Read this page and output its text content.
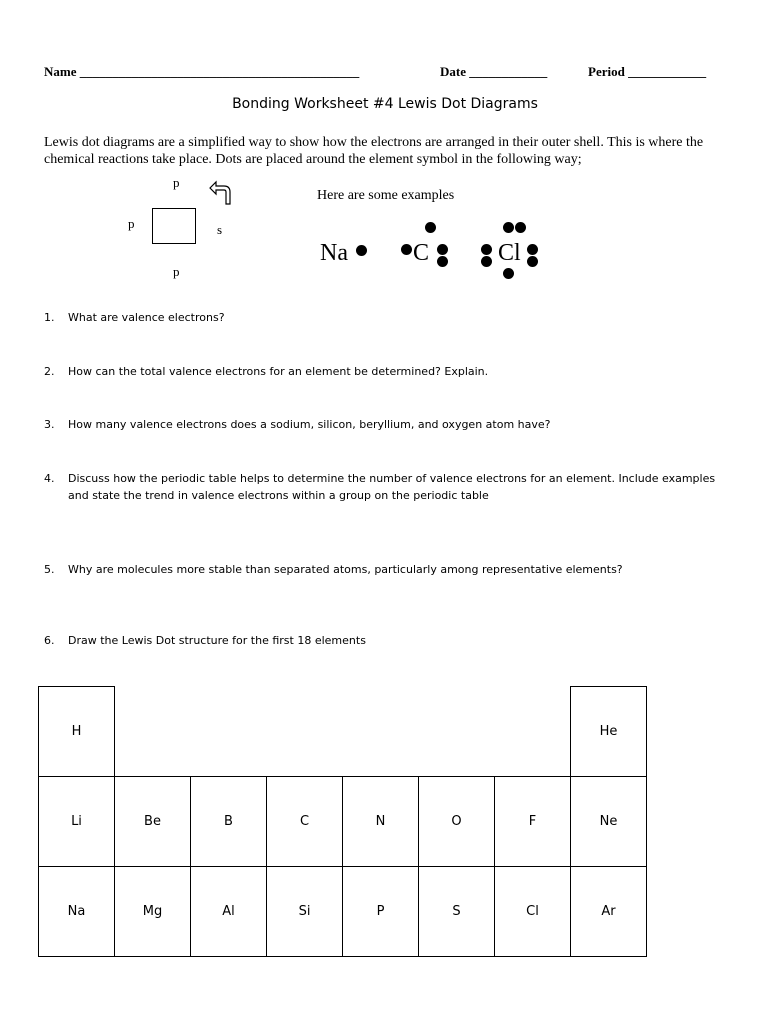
Name ___________________________________________	Date ____________	Period ____________
Bonding Worksheet #4 Lewis Dot Diagrams
Lewis dot diagrams are a simplified way to show how the electrons are arranged in their outer shell. This is where the chemical reactions take place. Dots are placed around the element symbol in the following way;
p
p	s
p
Here are some examples
Na	C	Cl
1. What are valence electrons?
2. How can the total valence electrons for an element be determined? Explain.
3. How many valence electrons does a sodium, silicon, beryllium, and oxygen atom have?
4. Discuss how the periodic table helps to determine the number of valence electrons for an element. Include examples and state the trend in valence electrons within a group on the periodic table
5. Why are molecules more stable than separated atoms, particularly among representative elements?
6. Draw the Lewis Dot structure for the first 18 elements
H							He
Li	Be	B	C	N	O	F	Ne
Na	Mg	Al	Si	P	S	Cl	Ar
